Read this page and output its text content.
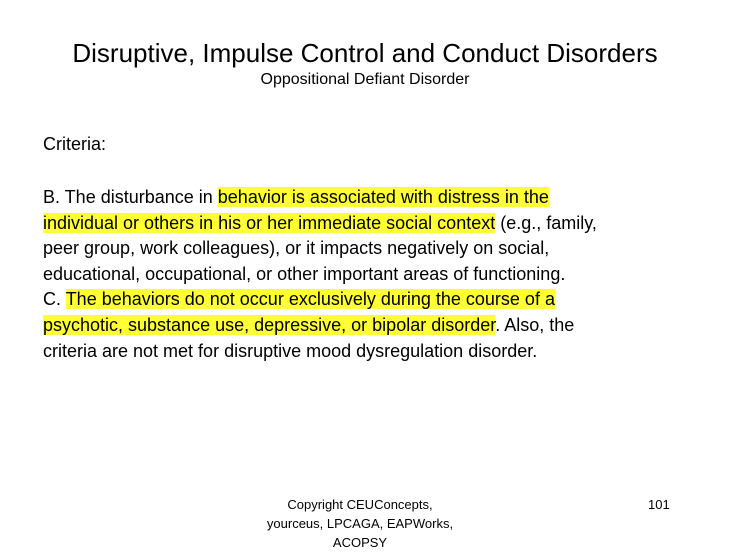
Disruptive, Impulse Control and Conduct Disorders
Oppositional Defiant Disorder
Criteria:
B. The disturbance in behavior is associated with distress in the
individual or others in his or her immediate social context (e.g., family,
peer group, work colleagues), or it impacts negatively on social,
educational, occupational, or other important areas of functioning.
C. The behaviors do not occur exclusively during the course of a
psychotic, substance use, depressive, or bipolar disorder. Also, the
criteria are not met for disruptive mood dysregulation disorder.
Copyright CEUConcepts,
yourceus, LPCAGA, EAPWorks,
ACOPSY
101
